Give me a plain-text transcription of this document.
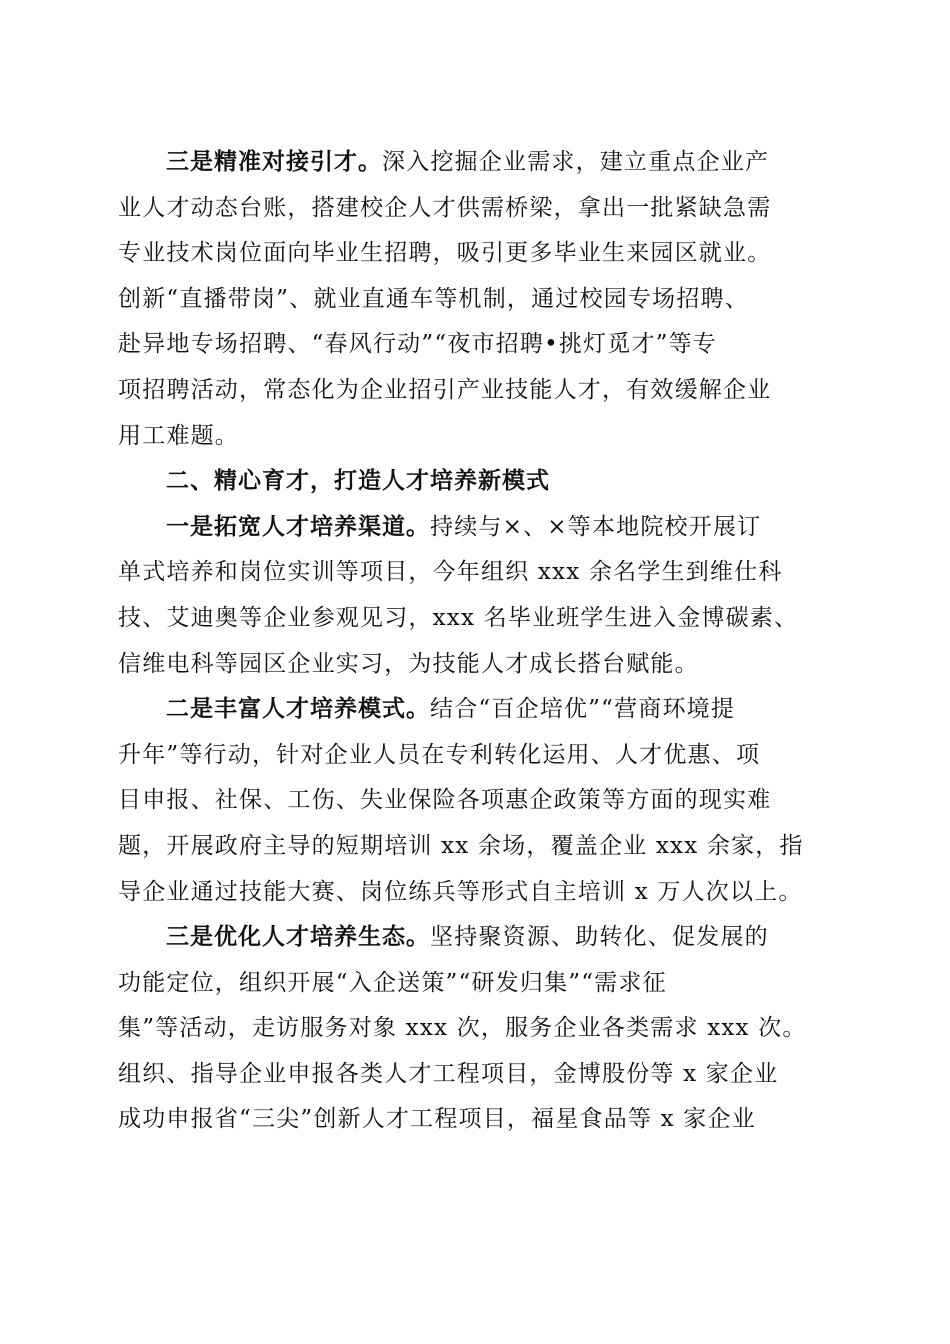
三是精准对接引才。深入挖掘企业需求，建立重点企业产
业人才动态台账，搭建校企人才供需桥梁，拿出一批紧缺急需
专业技术岗位面向毕业生招聘，吸引更多毕业生来园区就业。
创新“直播带岗”、就业直通车等机制，通过校园专场招聘、
赴异地专场招聘、“春风行动”“夜市招聘•挑灯觅才”等专
项招聘活动，常态化为企业招引产业技能人才，有效缓解企业
用工难题。
二、精心育才，打造人才培养新模式
一是拓宽人才培养渠道。持续与×、×等本地院校开展订
单式培养和岗位实训等项目，今年组织 xxx 余名学生到维仕科
技、艾迪奥等企业参观见习，xxx 名毕业班学生进入金博碳素、
信维电科等园区企业实习，为技能人才成长搭台赋能。
二是丰富人才培养模式。结合“百企培优”“营商环境提
升年”等行动，针对企业人员在专利转化运用、人才优惠、项
目申报、社保、工伤、失业保险各项惠企政策等方面的现实难
题，开展政府主导的短期培训 xx 余场，覆盖企业 xxx 余家，指
导企业通过技能大赛、岗位练兵等形式自主培训 x 万人次以上。
三是优化人才培养生态。坚持聚资源、助转化、促发展的
功能定位，组织开展“入企送策”“研发归集”“需求征
集”等活动，走访服务对象 xxx 次，服务企业各类需求 xxx 次。
组织、指导企业申报各类人才工程项目，金博股份等 x 家企业
成功申报省“三尖”创新人才工程项目，福星食品等 x 家企业
